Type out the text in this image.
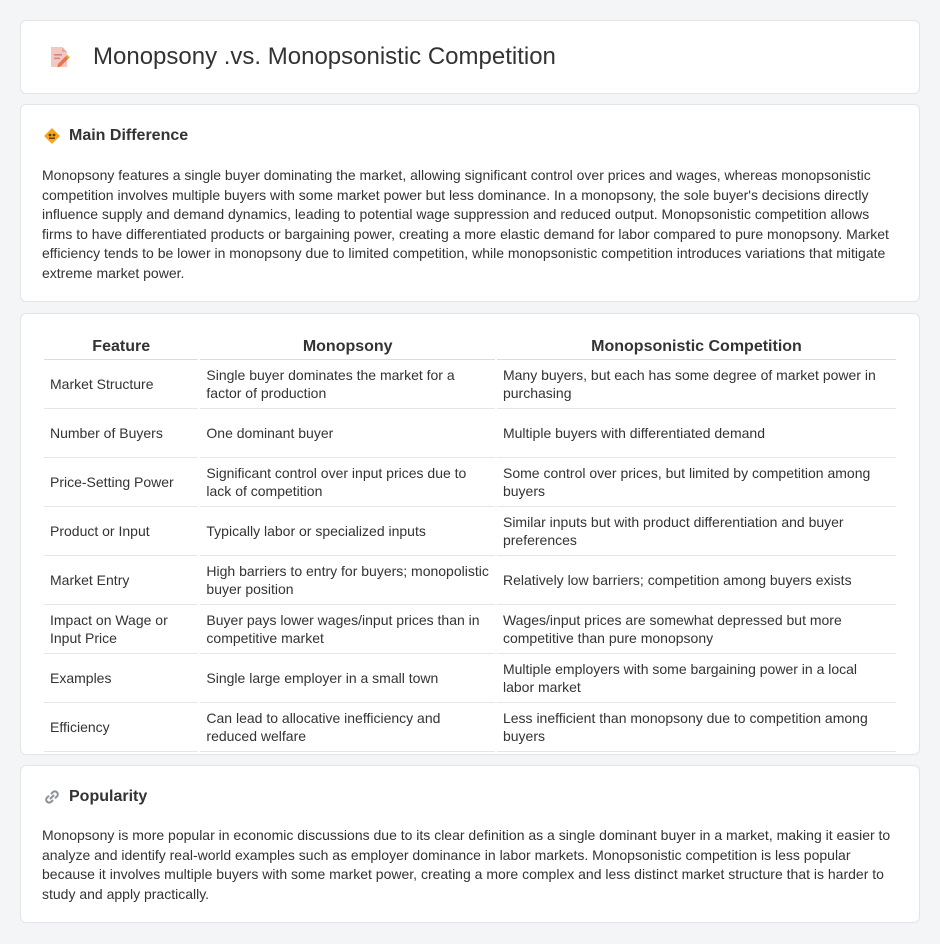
Monopsony .vs. Monopsonistic Competition
Main Difference

Monopsony features a single buyer dominating the market, allowing significant control over prices and wages, whereas monopsonistic competition involves multiple buyers with some market power but less dominance. In a monopsony, the sole buyer's decisions directly influence supply and demand dynamics, leading to potential wage suppression and reduced output. Monopsonistic competition allows firms to have differentiated products or bargaining power, creating a more elastic demand for labor compared to pure monopsony. Market efficiency tends to be lower in monopsony due to limited competition, while monopsonistic competition introduces variations that mitigate extreme market power.

Feature	Monopsony	Monopsonistic Competition
Market Structure	Single buyer dominates the market for a factor of production	Many buyers, but each has some degree of market power in purchasing
Number of Buyers	One dominant buyer	Multiple buyers with differentiated demand
Price-Setting Power	Significant control over input prices due to lack of competition	Some control over prices, but limited by competition among buyers
Product or Input	Typically labor or specialized inputs	Similar inputs but with product differentiation and buyer preferences
Market Entry	High barriers to entry for buyers; monopolistic buyer position	Relatively low barriers; competition among buyers exists
Impact on Wage or Input Price	Buyer pays lower wages/input prices than in competitive market	Wages/input prices are somewhat depressed but more competitive than pure monopsony
Examples	Single large employer in a small town	Multiple employers with some bargaining power in a local labor market
Efficiency	Can lead to allocative inefficiency and reduced welfare	Less inefficient than monopsony due to competition among buyers
Popularity

Monopsony is more popular in economic discussions due to its clear definition as a single dominant buyer in a market, making it easier to analyze and identify real-world examples such as employer dominance in labor markets. Monopsonistic competition is less popular because it involves multiple buyers with some market power, creating a more complex and less distinct market structure that is harder to study and apply practically.
